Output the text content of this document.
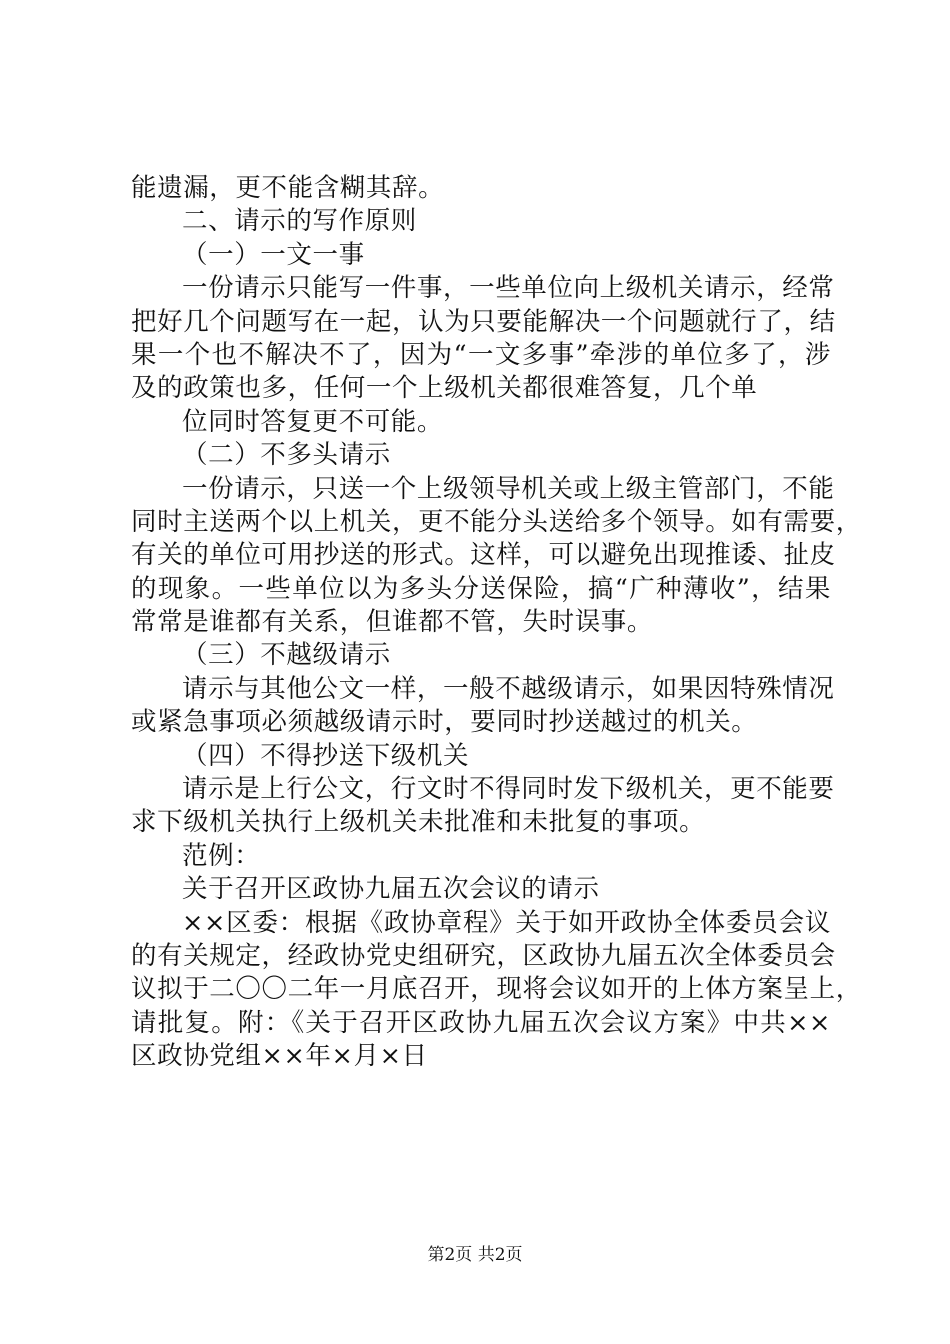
能遗漏，更不能含糊其辞。
二、请示的写作原则
（一）一文一事
一份请示只能写一件事，一些单位向上级机关请示，经常
把好几个问题写在一起，认为只要能解决一个问题就行了，结
果一个也不解决不了，因为“一文多事”牵涉的单位多了，涉
及的政策也多，任何一个上级机关都很难答复，几个单
位同时答复更不可能。
（二）不多头请示
一份请示，只送一个上级领导机关或上级主管部门，不能
同时主送两个以上机关，更不能分头送给多个领导。如有需要，
有关的单位可用抄送的形式。这样，可以避免出现推诿、扯皮
的现象。一些单位以为多头分送保险，搞“广种薄收”，结果
常常是谁都有关系，但谁都不管，失时误事。
（三）不越级请示
请示与其他公文一样，一般不越级请示，如果因特殊情况
或紧急事项必须越级请示时，要同时抄送越过的机关。
（四）不得抄送下级机关
请示是上行公文，行文时不得同时发下级机关，更不能要
求下级机关执行上级机关未批准和未批复的事项。
范例：
关于召开区政协九届五次会议的请示
××区委：根据《政协章程》关于如开政协全体委员会议
的有关规定，经政协党史组研究，区政协九届五次全体委员会
议拟于二〇〇二年一月底召开，现将会议如开的上体方案呈上，
请批复。附：《关于召开区政协九届五次会议方案》中共××
区政协党组××年×月×日
第2页 共2页
